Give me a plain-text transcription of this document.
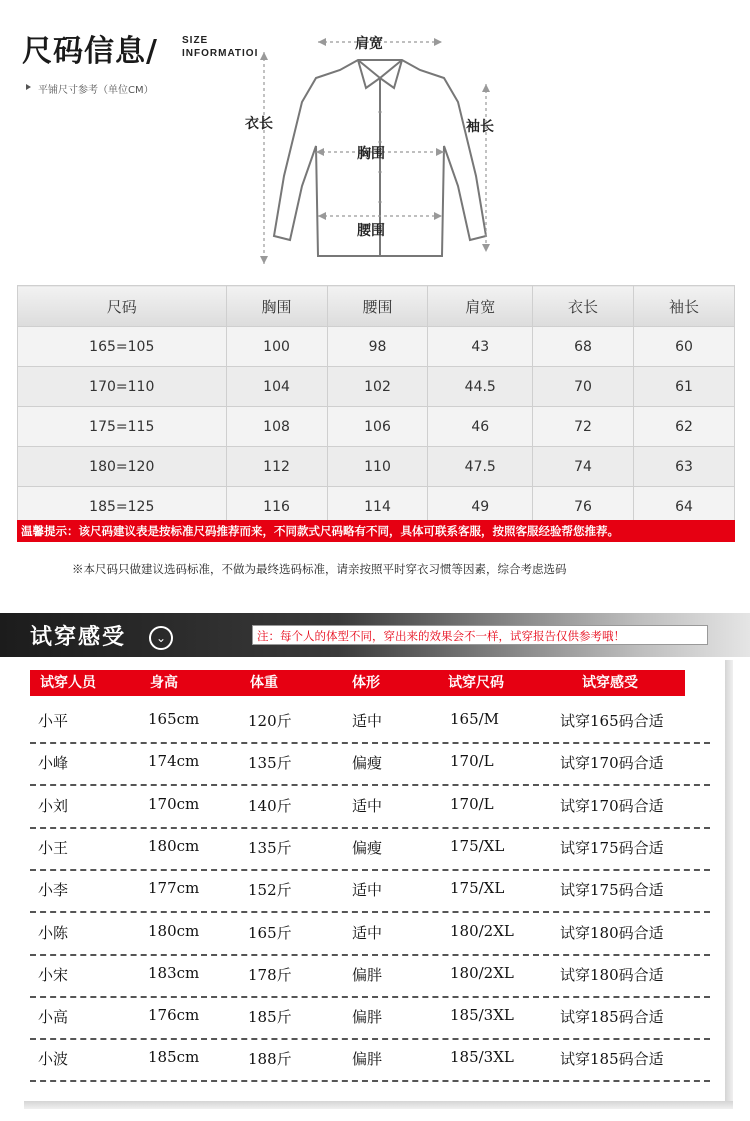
尺码信息/ SIZE
INFORMATIOI
平铺尺寸参考（单位CM）
肩宽
衣长	袖长
胸围
腰围
尺码	胸围	腰围	肩宽	衣长	袖长
165=105	100	98	43	68	60
170=110	104	102	44.5	70	61
175=115	108	106	46	72	62
180=120	112	110	47.5	74	63
185=125	116	114	49	76	64
温馨提示：该尺码建议表是按标准尺码推荐而来，不同款式尺码略有不同，具体可联系客服，按照客服经验帮您推荐。
※本尺码只做建议选码标准，不做为最终选码标准，请亲按照平时穿衣习惯等因素，综合考虑选码
试穿感受	⌄	注：每个人的体型不同，穿出来的效果会不一样，试穿报告仅供参考哦！
试穿人员	身高	体重	体形	试穿尺码	试穿感受
小平	165cm	120斤	适中	165/M	试穿165码合适
小峰	174cm	135斤	偏瘦	170/L	试穿170码合适
小刘	170cm	140斤	适中	170/L	试穿170码合适
小王	180cm	135斤	偏瘦	175/XL	试穿175码合适
小李	177cm	152斤	适中	175/XL	试穿175码合适
小陈	180cm	165斤	适中	180/2XL	试穿180码合适
小宋	183cm	178斤	偏胖	180/2XL	试穿180码合适
小高	176cm	185斤	偏胖	185/3XL	试穿185码合适
小波	185cm	188斤	偏胖	185/3XL	试穿185码合适
